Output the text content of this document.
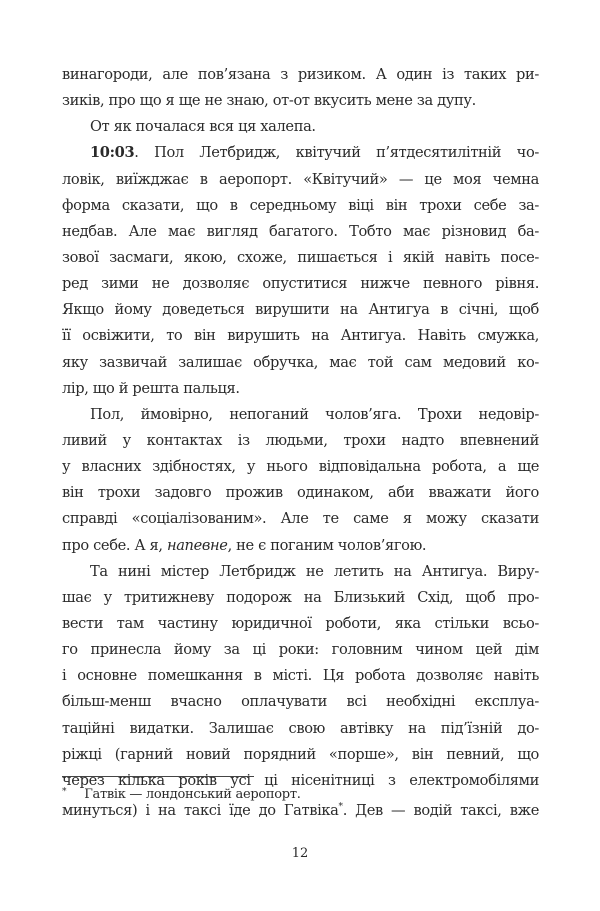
винагороди, але пов’язана з ризиком. А один із таких ри-
зиків, про що я ще не знаю, от-от вкусить мене за дупу.
От як почалася вся ця халепа.
10:03. Пол Летбридж, квітучий п’ятдесятилітній чо-
ловік, виїжджає в аеропорт. «Квітучий» — це моя чемна
форма сказати, що в середньому віці він трохи себе за-
недбав. Але має вигляд багатого. Тобто має різновид ба-
зової засмаги, якою, схоже, пишається і якій навіть посе-
ред зими не дозволяє опуститися нижче певного рівня.
Якщо йому доведеться вирушити на Антигуа в січні, щоб
її освіжити, то він вирушить на Антигуа. Навіть смужка,
яку зазвичай залишає обручка, має той сам медовий ко-
лір, що й решта пальця.
Пол, ймовірно, непоганий чолов’яга. Трохи недовір-
ливий у контактах із людьми, трохи надто впевнений
у власних здібностях, у нього відповідальна робота, а ще
він трохи задовго прожив одинаком, аби вважати його
справді «соціалізованим». Але те саме я можу сказати
про себе. А я, напевне, не є поганим чолов’ягою.
Та нині містер Летбридж не летить на Антигуа. Виру-
шає у тритижневу подорож на Близький Схід, щоб про-
вести там частину юридичної роботи, яка стільки всьо-
го принесла йому за ці роки: головним чином цей дім
і основне помешкання в місті. Ця робота дозволяє навіть
більш-менш вчасно оплачувати всі необхідні експлуа-
таційні видатки. Залишає свою автівку на під’їзній до-
ріжці (гарний новий порядний «порше», він певний, що
через кілька років усі ці нісенітниці з електромобілями
минуться) і на таксі їде до Гатвіка*. Дев — водій таксі, вже
* Гатвік — лондонський аеропорт.
12
